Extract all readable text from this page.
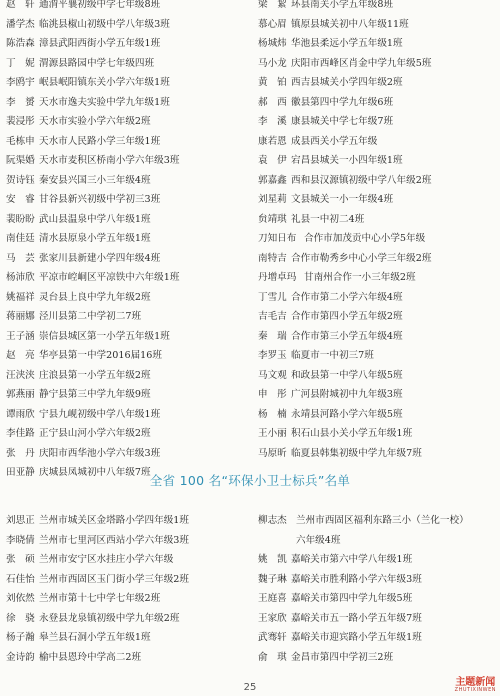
赵　轩 通渭平襄初级中学七年级8班
潘学杰 临洮县椒山初级中学八年级3班
陈浩森 漳县武阳西街小学五年级1班
丁　妮 渭源县路园中学七年级四班
李鸥宇 岷县岷阳镇东关小学六年级1班
李　赟 天水市逸夫实验中学九年级1班
裴浸彤 天水市实验小学六年级2班
毛栋申 天水市人民路小学三年级1班
阮渠婚 天水市麦积区桥南小学六年级3班
贺诗钰 秦安县兴国三小三年级4班
安　睿 甘谷县新兴初级中学初三3班
裴盼盼 武山县温泉中学八年级1班
南佳廷 清水县原泉小学五年级1班
马　芸 张家川县新建小学四年级4班
杨沛欣 平凉市崆峒区平凉铁中六年级1班
姚福祥 灵台县上良中学九年级2班
蒋丽娜 泾川县第二中学初二7班
王子涵 崇信县城区第一小学五年级1班
赵　亮 华亭县第一中学2016届16班
汪浃浃 庄浪县第一小学五年级2班
郭燕丽 静宁县第三中学九年级9班
谭雨欣 宁县九岘初级中学八年级1班
李佳路 正宁县山河小学六年级2班
张　丹 庆阳市西华池小学六年级3班
田亚静 庆城县凤城初中八年级7班
梁　絜 环县南关小学五年级8班
慕心眉 镇原县城关初中八年级11班
杨城炜 华池县柔远小学五年级1班
马小龙 庆阳市西峰区肖金中学九年级5班
黄　铂 西吉县城关小学四年级2班
郝　西 徽县第四中学九年级6班
李　溪 康县城关中学七年级7班
康若恩 成县西关小学五年级
袁　伊 宕昌县城关一小四年级1班
郭嘉鑫 西和县汉源镇初级中学八年级2班
刘星莉 文县城关一小一年级4班
贠靖琪 礼县一中初二4班
刀知日布 合作市加茂贡中心小学5年级
南特吉 合作市勒秀乡中心小学三年级2班
丹增卓玛 甘南州合作一小三年级2班
丁雪儿 合作市第二小学六年级4班
吉毛吉 合作市第四小学五年级2班
秦　瑞 合作市第三小学五年级4班
李罗玉 临夏市一中初三7班
马文观 和政县第一中学八年级5班
申　彤 广河县附城初中九年级3班
杨　楠 永靖县河路小学六年级5班
王小丽 积石山县小关小学五年级1班
马原昕 临夏县韩集初级中学九年级7班
全省 100 名“环保小卫士标兵”名单
刘思正 兰州市城关区金塔路小学四年级1班
李晓倩 兰州市七里河区西站小学六年级3班
张　硕 兰州市安宁区水挂庄小学六年级
石佳怡 兰州市西固区玉门街小学三年级2班
刘依然 兰州市第十七中学七年级2班
徐　骁 永登县龙泉镇初级中学九年级2班
杨子瀚 皋兰县石洞小学五年级1班
金诗韵 榆中县恩玲中学高二2班
柳志杰 兰州市西固区福利东路三小（兰化一校）六年级4班
姚　凯 嘉峪关市第六中学八年级1班
魏子琳 嘉峪关市胜利路小学六年级3班
王庭喜 嘉峪关市第四中学九年级5班
王家欣 嘉峪关市五一路小学五年级7班
武骞轩 嘉峪关市迎宾路小学五年级1班
俞　琪 金昌市第四中学初三2班
25	主题新闻
ZHUTIXINWEN
